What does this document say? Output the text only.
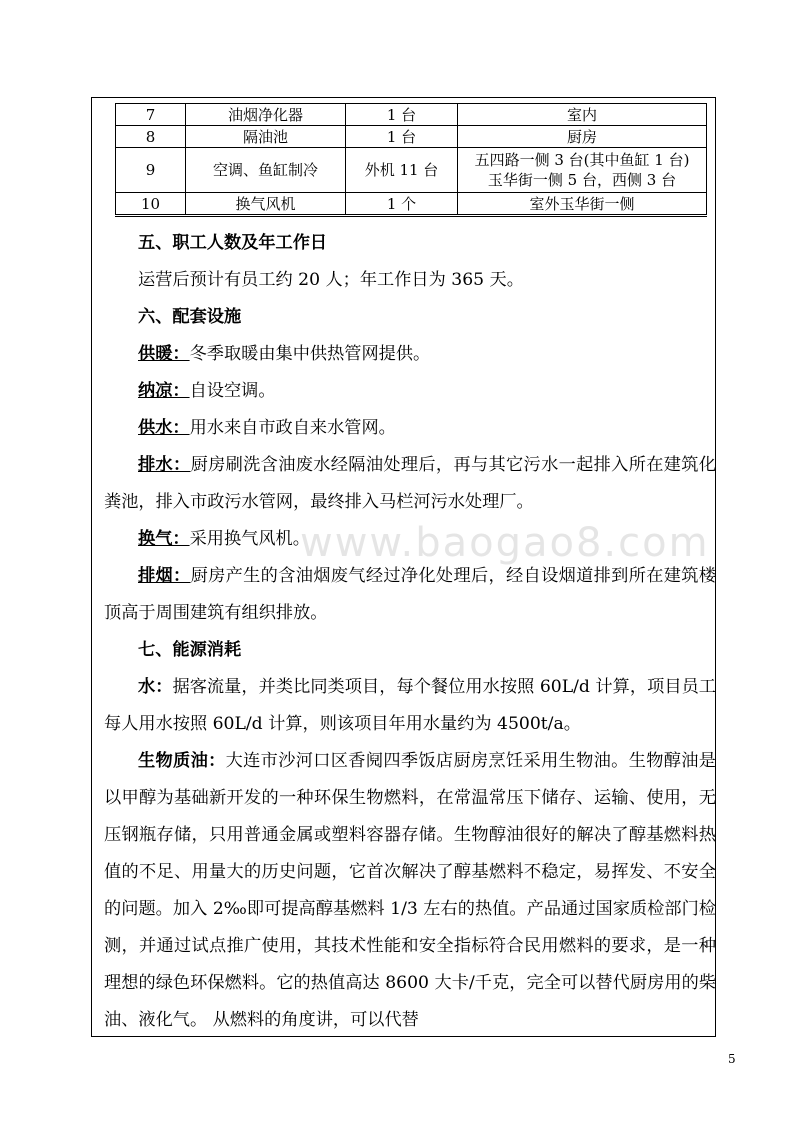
7	油烟净化器	1 台	室内
8	隔油池	1 台	厨房
9	空调、鱼缸制冷	外机 11 台	五四路一侧 3 台(其中鱼缸 1 台)
玉华街一侧 5 台，西侧 3 台

10	换气风机	1 个	室外玉华街一侧

五、职工人数及年工作日

运营后预计有员工约 20 人；年工作日为 365 天。

六、配套设施

供暖：冬季取暖由集中供热管网提供。

纳凉：自设空调。

供水：用水来自市政自来水管网。

排水：厨房刷洗含油废水经隔油处理后，再与其它污水一起排入所在建筑化粪池，排入市政污水管网，最终排入马栏河污水处理厂。

换气：采用换气风机。

排烟：厨房产生的含油烟废气经过净化处理后，经自设烟道排到所在建筑楼顶高于周围建筑有组织排放。

七、能源消耗

水：据客流量，并类比同类项目，每个餐位用水按照 60L/d 计算，项目员工每人用水按照 60L/d 计算，则该项目年用水量约为 4500t/a。

生物质油：大连市沙河口区香阋四季饭店厨房烹饪采用生物油。生物醇油是以甲醇为基础新开发的一种环保生物燃料，在常温常压下储存、运输、使用，无压钢瓶存储，只用普通金属或塑料容器存储。生物醇油很好的解决了醇基燃料热值的不足、用量大的历史问题，它首次解决了醇基燃料不稳定，易挥发、不安全的问题。加入 2‰即可提高醇基燃料 1/3 左右的热值。产品通过国家质检部门检测，并通过试点推广使用，其技术性能和安全指标符合民用燃料的要求，是一种理想的绿色环保燃料。它的热值高达 8600 大卡/千克，完全可以替代厨房用的柴油、液化气。 从燃料的角度讲，可以代替

www.baogao8.com
5
